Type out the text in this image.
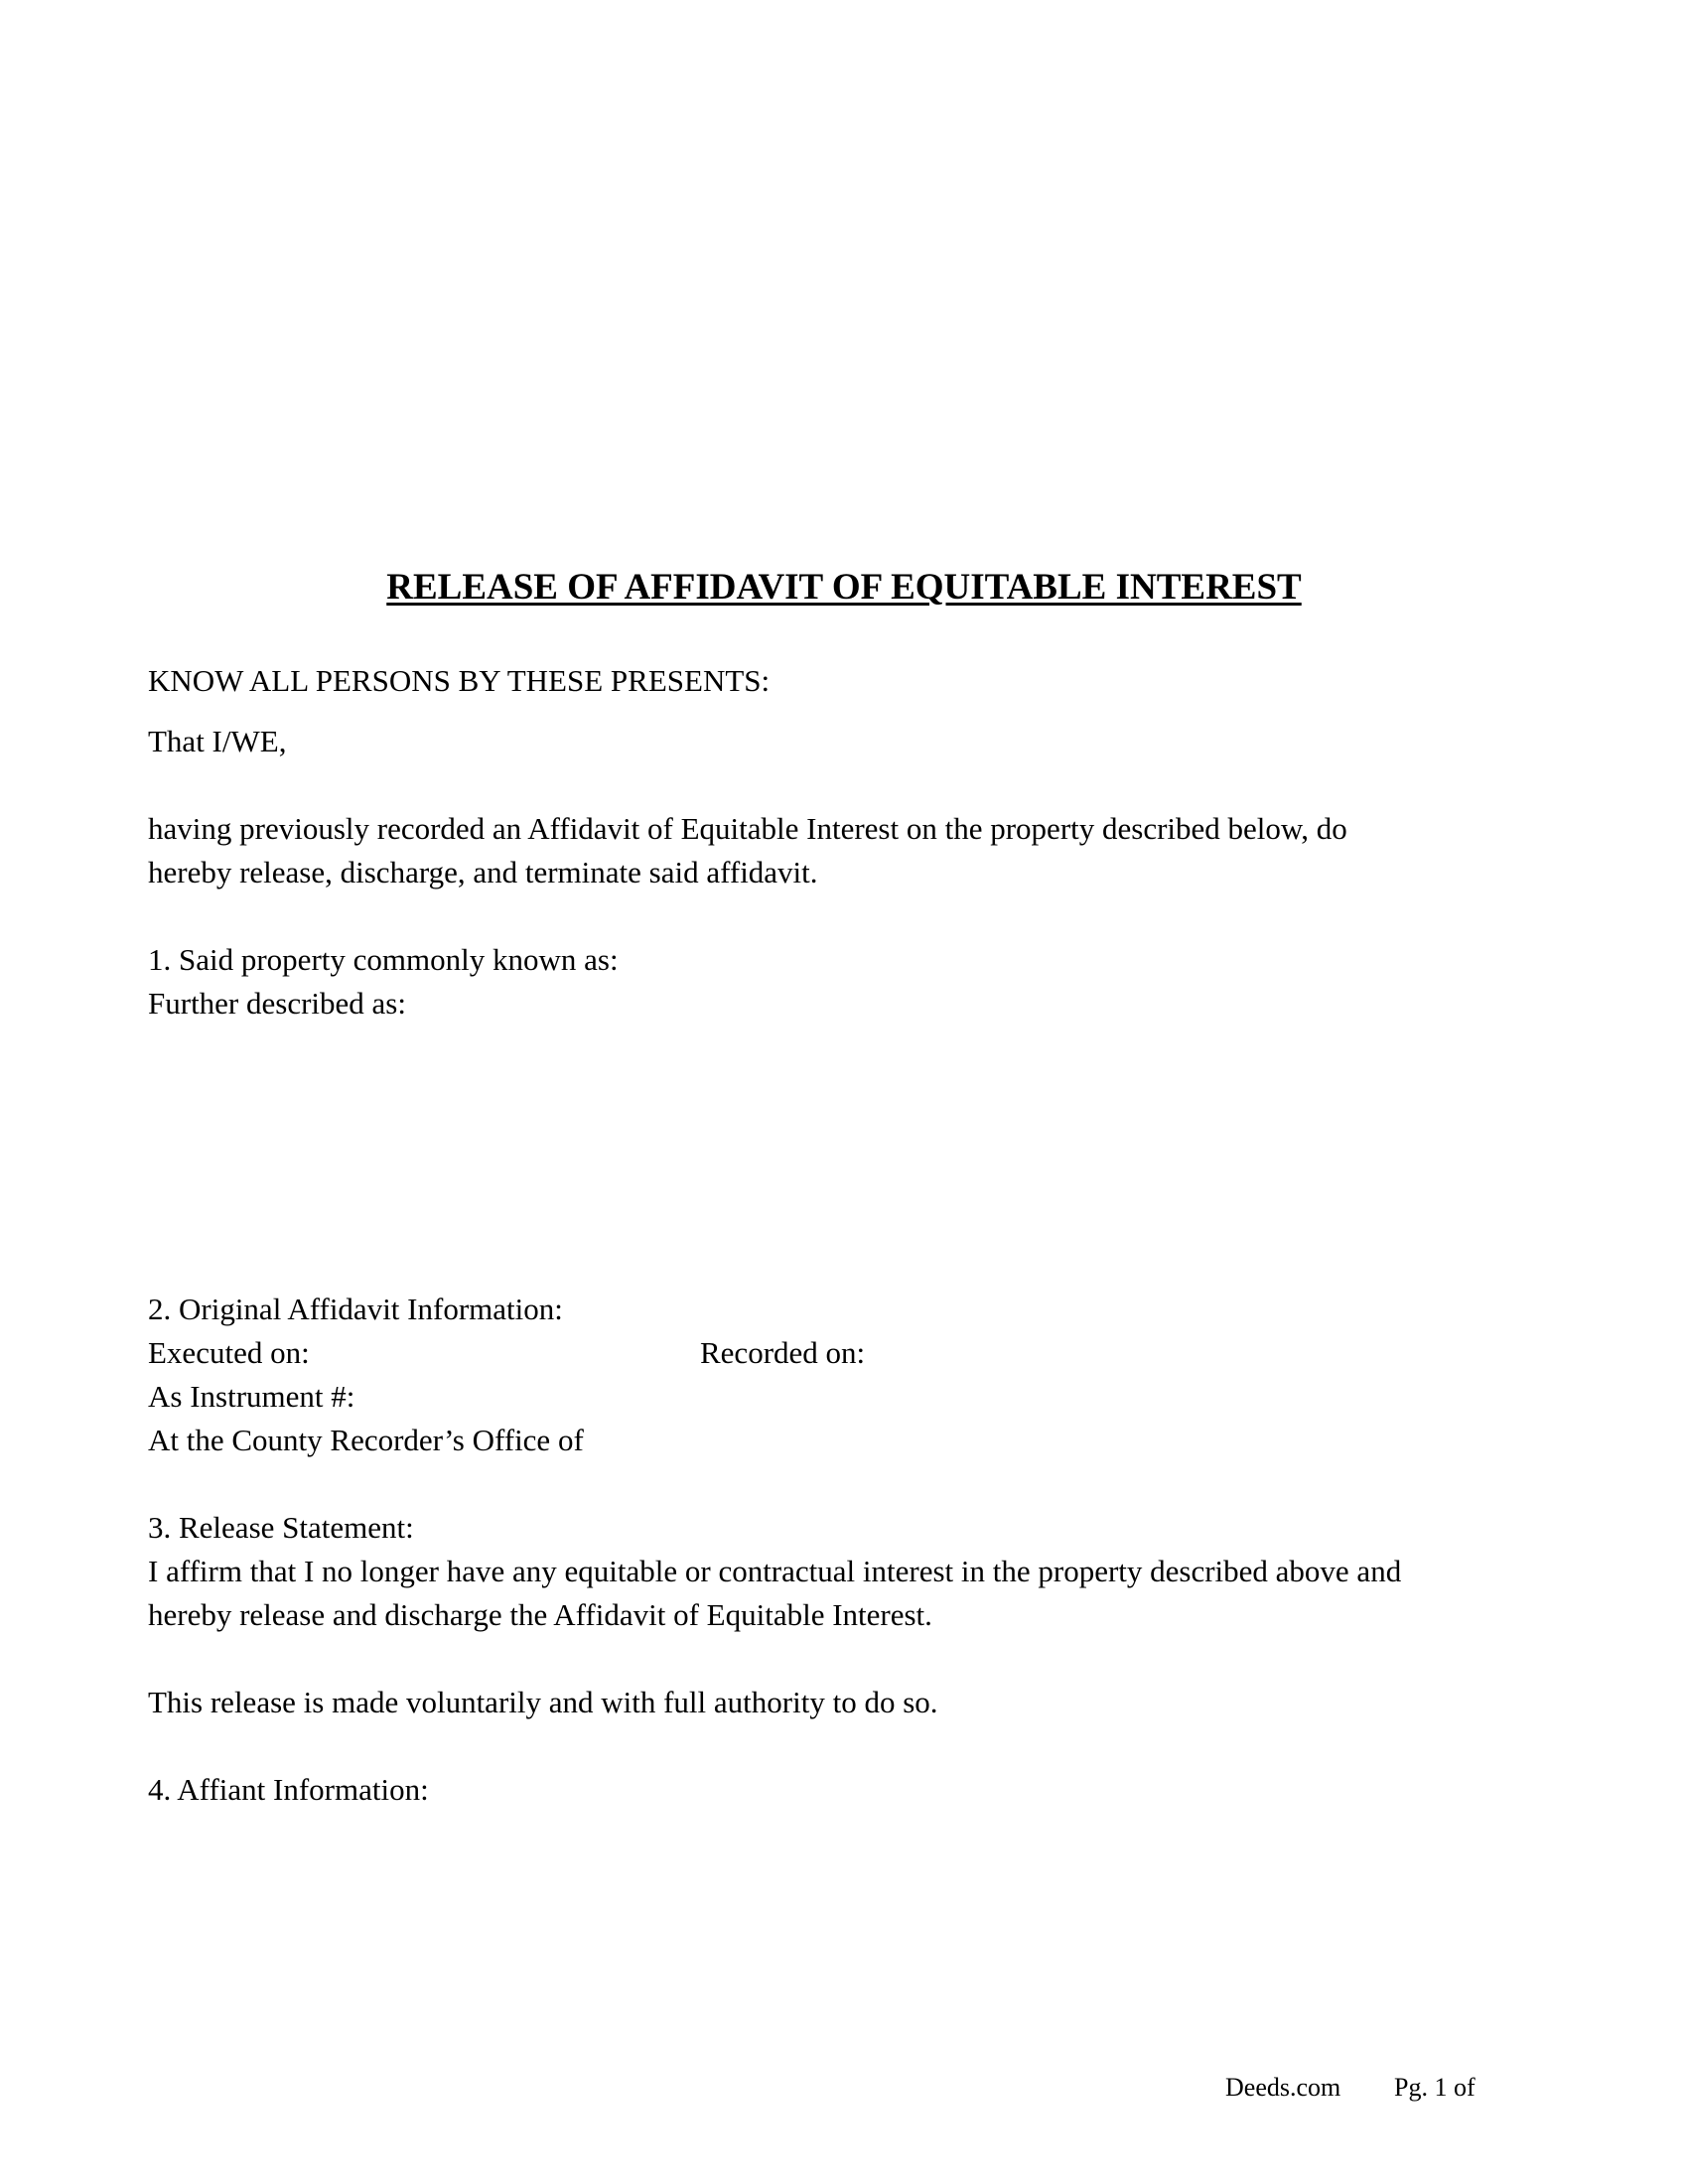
RELEASE OF AFFIDAVIT OF EQUITABLE INTEREST
KNOW ALL PERSONS BY THESE PRESENTS:
That I/WE,
having previously recorded an Affidavit of Equitable Interest on the property described below, do
hereby release, discharge, and terminate said affidavit.
1. Said property commonly known as:
Further described as:
2. Original Affidavit Information:
Executed on:	Recorded on:
As Instrument #:
At the County Recorder’s Office of
3. Release Statement:
I affirm that I no longer have any equitable or contractual interest in the property described above and
hereby release and discharge the Affidavit of Equitable Interest.
This release is made voluntarily and with full authority to do so.
4. Affiant Information:
Deeds.com Pg. 1 of
